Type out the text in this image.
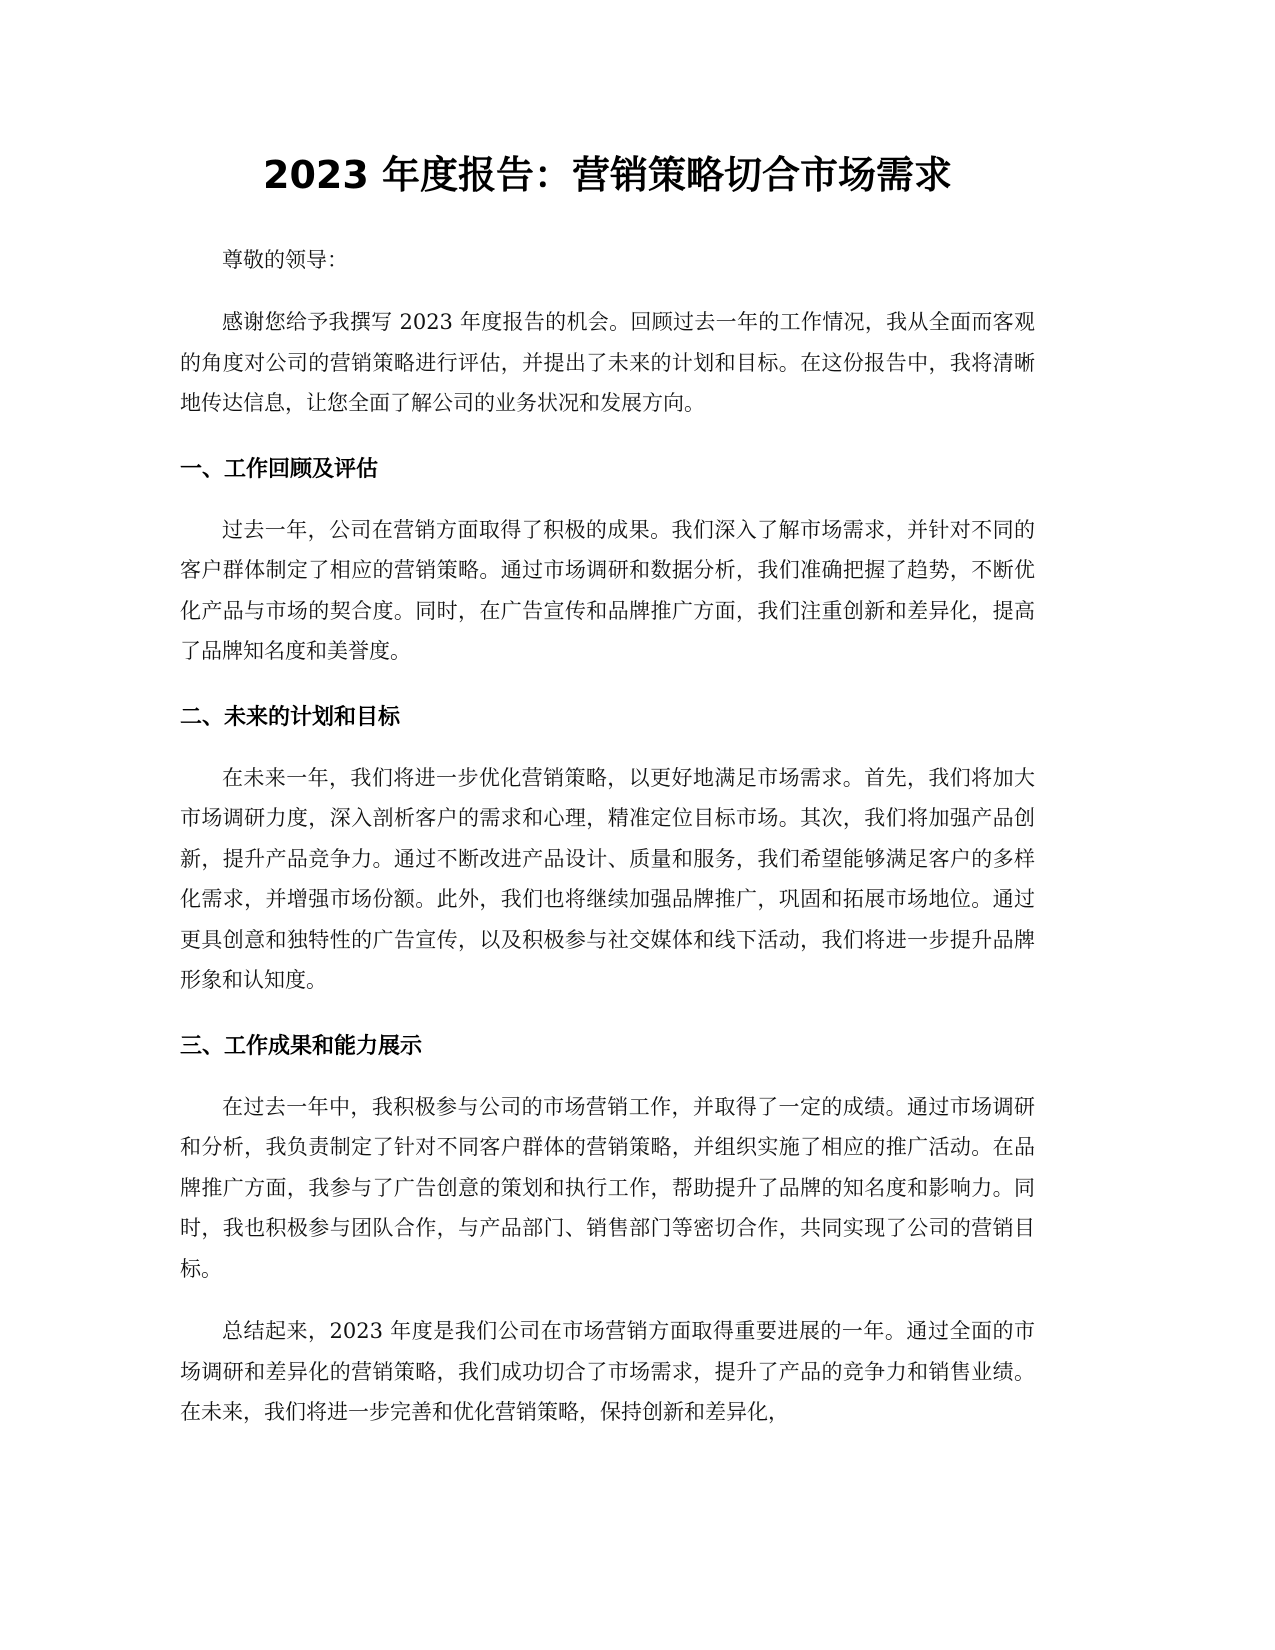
2023 年度报告：营销策略切合市场需求

尊敬的领导：

感谢您给予我撰写 2023 年度报告的机会。回顾过去一年的工作情况，我从全面而客观的角度对公司的营销策略进行评估，并提出了未来的计划和目标。在这份报告中，我将清晰地传达信息，让您全面了解公司的业务状况和发展方向。

一、工作回顾及评估

过去一年，公司在营销方面取得了积极的成果。我们深入了解市场需求，并针对不同的客户群体制定了相应的营销策略。通过市场调研和数据分析，我们准确把握了趋势，不断优化产品与市场的契合度。同时，在广告宣传和品牌推广方面，我们注重创新和差异化，提高了品牌知名度和美誉度。

二、未来的计划和目标

在未来一年，我们将进一步优化营销策略，以更好地满足市场需求。首先，我们将加大市场调研力度，深入剖析客户的需求和心理，精准定位目标市场。其次，我们将加强产品创新，提升产品竞争力。通过不断改进产品设计、质量和服务，我们希望能够满足客户的多样化需求，并增强市场份额。此外，我们也将继续加强品牌推广，巩固和拓展市场地位。通过更具创意和独特性的广告宣传，以及积极参与社交媒体和线下活动，我们将进一步提升品牌形象和认知度。

三、工作成果和能力展示

在过去一年中，我积极参与公司的市场营销工作，并取得了一定的成绩。通过市场调研和分析，我负责制定了针对不同客户群体的营销策略，并组织实施了相应的推广活动。在品牌推广方面，我参与了广告创意的策划和执行工作，帮助提升了品牌的知名度和影响力。同时，我也积极参与团队合作，与产品部门、销售部门等密切合作，共同实现了公司的营销目标。

总结起来，2023 年度是我们公司在市场营销方面取得重要进展的一年。通过全面的市场调研和差异化的营销策略，我们成功切合了市场需求，提升了产品的竞争力和销售业绩。在未来，我们将进一步完善和优化营销策略，保持创新和差异化，
